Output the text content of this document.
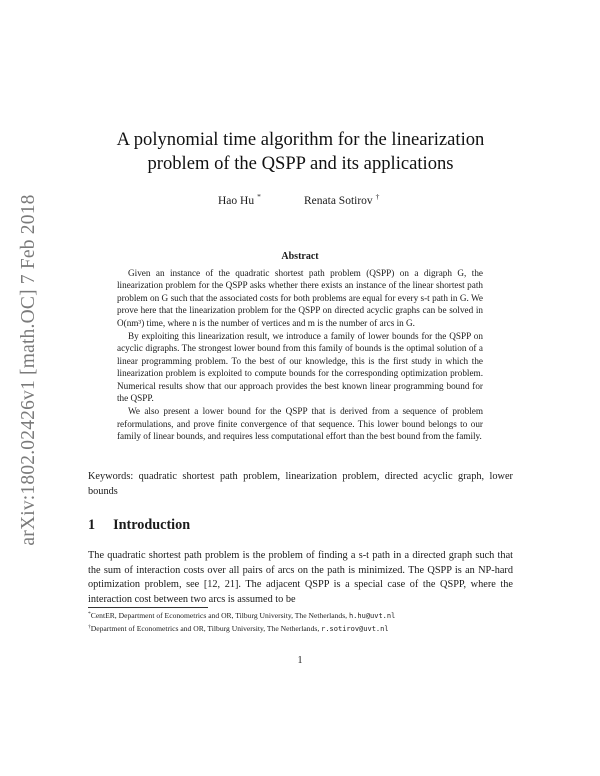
arXiv:1802.02426v1 [math.OC] 7 Feb 2018
A polynomial time algorithm for the linearization problem of the QSPP and its applications
Hao Hu *	Renata Sotirov †
Abstract

Given an instance of the quadratic shortest path problem (QSPP) on a digraph G, the linearization problem for the QSPP asks whether there exists an instance of the linear shortest path problem on G such that the associated costs for both problems are equal for every s-t path in G. We prove here that the linearization problem for the QSPP on directed acyclic graphs can be solved in O(nm³) time, where n is the number of vertices and m is the number of arcs in G.

By exploiting this linearization result, we introduce a family of lower bounds for the QSPP on acyclic digraphs. The strongest lower bound from this family of bounds is the optimal solution of a linear programming problem. To the best of our knowledge, this is the first study in which the linearization problem is exploited to compute bounds for the corresponding optimization problem. Numerical results show that our approach provides the best known linear programming bound for the QSPP.

We also present a lower bound for the QSPP that is derived from a sequence of problem reformulations, and prove finite convergence of that sequence. This lower bound belongs to our family of linear bounds, and requires less computational effort than the best bound from the family.

Keywords: quadratic shortest path problem, linearization problem, directed acyclic graph, lower bounds
1 Introduction

The quadratic shortest path problem is the problem of finding a s-t path in a directed graph such that the sum of interaction costs over all pairs of arcs on the path is minimized. The QSPP is an NP-hard optimization problem, see [12, 21]. The adjacent QSPP is a special case of the QSPP, where the interaction cost between two arcs is assumed to be

*CentER, Department of Econometrics and OR, Tilburg University, The Netherlands, h.hu@uvt.nl
†Department of Econometrics and OR, Tilburg University, The Netherlands, r.sotirov@uvt.nl
1
